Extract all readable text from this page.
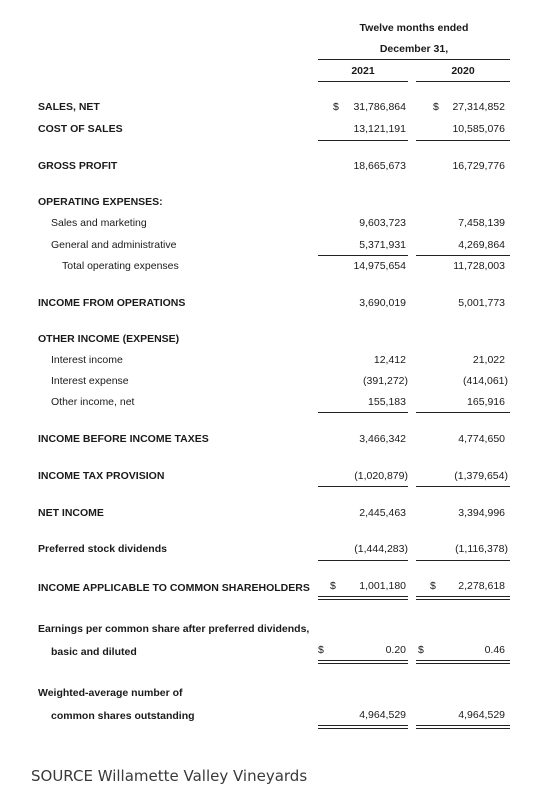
Twelve months ended
December 31,
2021	2020
SALES, NET	$	31,786,864	$	27,314,852
COST OF SALES	13,121,191	10,585,076
GROSS PROFIT	18,665,673	16,729,776
OPERATING EXPENSES:
Sales and marketing	9,603,723	7,458,139
General and administrative	5,371,931	4,269,864
Total operating expenses	14,975,654	11,728,003
INCOME FROM OPERATIONS	3,690,019	5,001,773
OTHER INCOME (EXPENSE)
Interest income	12,412	21,022
Interest expense	(391,272)	(414,061)
Other income, net	155,183	165,916
INCOME BEFORE INCOME TAXES	3,466,342	4,774,650
INCOME TAX PROVISION	(1,020,879)	(1,379,654)
NET INCOME	2,445,463	3,394,996
Preferred stock dividends	(1,444,283)	(1,116,378)
INCOME APPLICABLE TO COMMON SHAREHOLDERS $	1,001,180 $	2,278,618
Earnings per common share after preferred dividends,
basic and diluted	$	0.20 $	0.46
Weighted-average number of
common shares outstanding	4,964,529	4,964,529
SOURCE Willamette Valley Vineyards
